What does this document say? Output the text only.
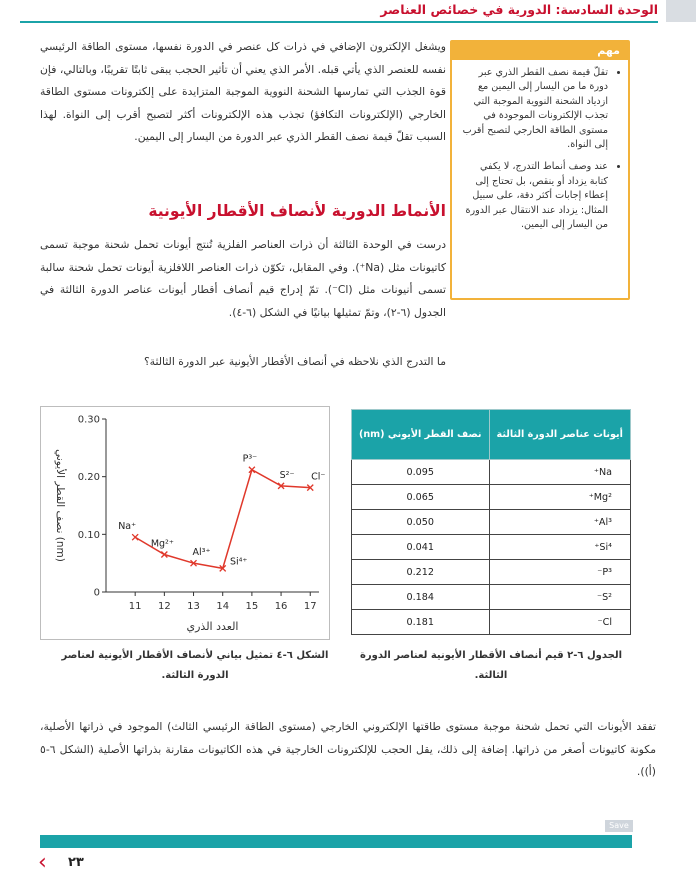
الوحدة السادسة: الدورية في خصائص العناصر
مهم
• تقلّ قيمة نصف القطر الذري عبر دورة ما من اليسار إلى اليمين مع ازدياد الشحنة النووية الموجبة التي تجذب الإلكترونات الموجودة في مستوى الطاقة الخارجي لتصبح أقرب إلى النواة.
• عند وصف أنماط التدرج، لا يكفي كتابة يزداد أو ينقص، بل تحتاج إلى إعطاء إجابات أكثر دقة، على سبيل المثال: يزداد عند الانتقال عبر الدورة من اليسار إلى اليمين.
ويشغل الإلكترون الإضافي في ذرات كل عنصر في الدورة نفسها، مستوى الطاقة الرئيسي نفسه للعنصر الذي يأتي قبله. الأمر الذي يعني أن تأثير الحجب يبقى ثابتًا تقريبًا، وبالتالي، فإن قوة الجذب التي تمارسها الشحنة النووية الموجبة المتزايدة على إلكترونات مستوى الطاقة الخارجي (الإلكترونات التكافؤ) تجذب هذه الإلكترونات أكثر لتصبح أقرب إلى النواة. لهذا السبب تقلّ قيمة نصف القطر الذري عبر الدورة من اليسار إلى اليمين.
الأنماط الدورية لأنصاف الأقطار الأيونية
درست في الوحدة الثالثة أن ذرات العناصر الفلزية تُنتج أيونات تحمل شحنة موجبة تسمى كاتيونات مثل (Na⁺). وفي المقابل، تكوّن ذرات العناصر اللافلزية أيونات تحمل شحنة سالبة تسمى أنيونات مثل (Cl⁻). تمّ إدراج قيم أنصاف أقطار أيونات عناصر الدورة الثالثة في الجدول (٦-٢)، وتمّ تمثيلها بيانيًا في الشكل (٦-٤).
ما التدرج الذي نلاحظه في أنصاف الأقطار الأيونية عبر الدورة الثالثة؟
0
0.10
0.20
0.30
11 12 13 14 15 16 17
العدد الذري
نصف القطر الأيوني (nm)
Na⁺
Mg²⁺
Al³⁺
Si⁴⁺
P³⁻
S²⁻ Cl⁻
الشكل ٦-٤ تمثيل بياني لأنصاف الأقطار الأيونية لعناصر الدورة الثالثة.
أيونات عناصر الدورة الثالثة	نصف القطر الأيوني (nm)
Na⁺	0.095
Mg²⁺	0.065
Al³⁺	0.050
Si⁴⁺	0.041
P³⁻	0.212
S²⁻	0.184
Cl⁻	0.181
الجدول ٦-٢ قيم أنصاف الأقطار الأيونية لعناصر الدورة الثالثة.
تفقد الأيونات التي تحمل شحنة موجبة مستوى طاقتها الإلكتروني الخارجي (مستوى الطاقة الرئيسي الثالث) الموجود في ذراتها الأصلية، مكونة كاتيونات أصغر من ذراتها. إضافة إلى ذلك، يقل الحجب للإلكترونات الخارجية في هذه الكاتيونات مقارنة بذراتها الأصلية (الشكل ٦-٥ (أ)).
Save
‹ ٢٣
